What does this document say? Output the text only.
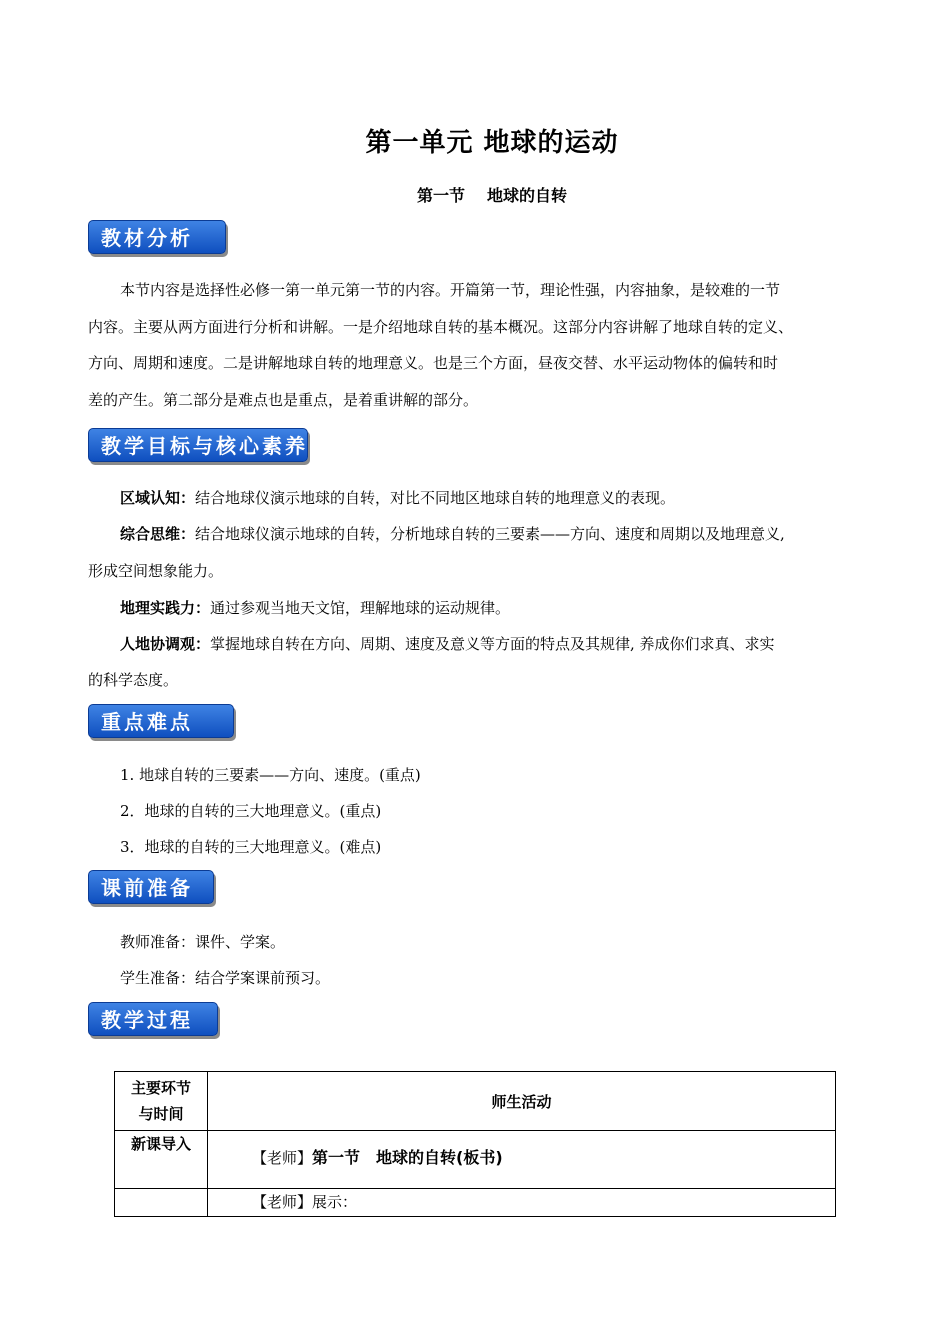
第一单元 地球的运动
第一节 地球的自转
教材分析
本节内容是选择性必修一第一单元第一节的内容。开篇第一节，理论性强，内容抽象，是较难的一节
内容。主要从两方面进行分析和讲解。一是介绍地球自转的基本概况。这部分内容讲解了地球自转的定义、
方向、周期和速度。二是讲解地球自转的地理意义。也是三个方面，昼夜交替、水平运动物体的偏转和时
差的产生。第二部分是难点也是重点，是着重讲解的部分。
教学目标与核心素养
区域认知：结合地球仪演示地球的自转，对比不同地区地球自转的地理意义的表现。
综合思维：结合地球仪演示地球的自转，分析地球自转的三要素——方向、速度和周期以及地理意义,
形成空间想象能力。
地理实践力：通过参观当地天文馆，理解地球的运动规律。
人地协调观：掌握地球自转在方向、周期、速度及意义等方面的特点及其规律, 养成你们求真、求实
的科学态度。
重点难点
1. 地球自转的三要素——方向、速度。(重点)
2．地球的自转的三大地理意义。(重点)
3．地球的自转的三大地理意义。(难点)
课前准备
教师准备：课件、学案。
学生准备：结合学案课前预习。
教学过程
主要环节
与时间	师生活动
新课导入	【老师】第一节　地球的自转(板书)
	【老师】展示：
